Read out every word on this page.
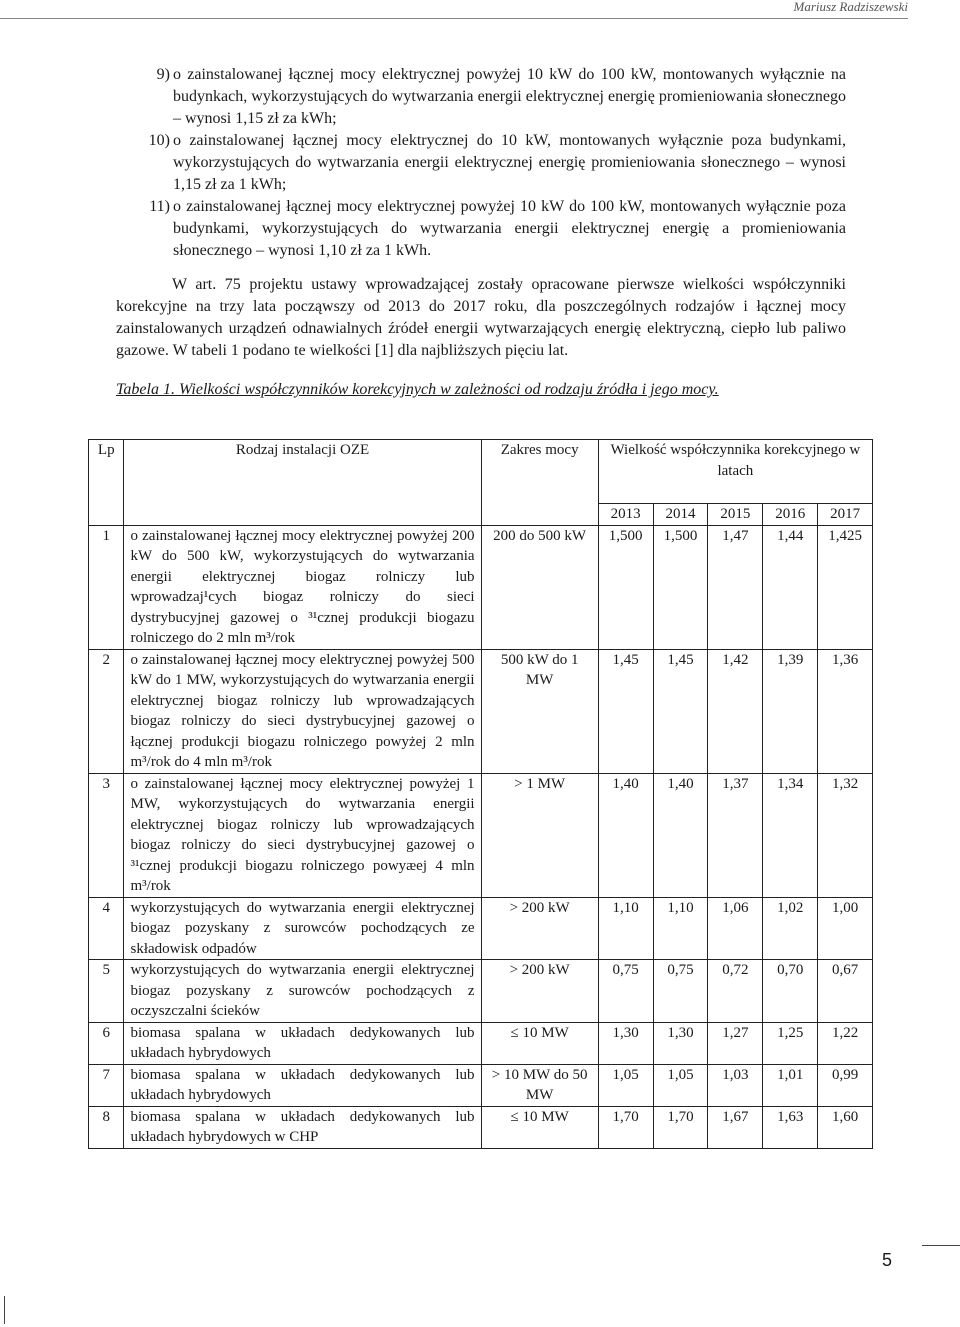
Mariusz Radziszewski
9) o zainstalowanej łącznej mocy elektrycznej powyżej 10 kW do 100 kW, montowanych wyłącznie na budynkach, wykorzystujących do wytwarzania energii elektrycznej energię promieniowania słonecznego – wynosi 1,15 zł za kWh;
10) o zainstalowanej łącznej mocy elektrycznej do 10 kW, montowanych wyłącznie poza budynkami, wykorzystujących do wytwarzania energii elektrycznej energię promieniowania słonecznego – wynosi 1,15 zł za 1 kWh;
11) o zainstalowanej łącznej mocy elektrycznej powyżej 10 kW do 100 kW, montowanych wyłącznie poza budynkami, wykorzystujących do wytwarzania energii elektrycznej energię a promieniowania słonecznego – wynosi 1,10 zł za 1 kWh.
W art. 75 projektu ustawy wprowadzającej zostały opracowane pierwsze wielkości współczynniki korekcyjne na trzy lata począwszy od 2013 do 2017 roku, dla poszczególnych rodzajów i łącznej mocy zainstalowanych urządzeń odnawialnych źródeł energii wytwarzających energię elektryczną, ciepło lub paliwo gazowe. W tabeli 1 podano te wielkości [1] dla najbliższych pięciu lat.
Tabela 1. Wielkości współczynników korekcyjnych w zależności od rodzaju źródła i jego mocy.
Lp	Rodzaj instalacji OZE	Zakres mocy	Wielkość współczynnika korekcyjnego w latach				
			2013	2014	2015	2016	2017
1	o zainstalowanej łącznej mocy elektrycznej powyżej 200 kW do 500 kW, wykorzystujących do wytwarzania energii elektrycznej biogaz rolniczy lub wprowadzaj¹cych biogaz rolniczy do sieci dystrybucyjnej gazowej o ³¹cznej produkcji biogazu rolniczego do 2 mln m³/rok	200 do 500 kW	1,500	1,500	1,47	1,44	1,425
2	o zainstalowanej łącznej mocy elektrycznej powyżej 500 kW do 1 MW, wykorzystujących do wytwarzania energii elektrycznej biogaz rolniczy lub wprowadzających biogaz rolniczy do sieci dystrybucyjnej gazowej o łącznej produkcji biogazu rolniczego powyżej 2 mln m³/rok do 4 mln m³/rok	500 kW do 1 MW	1,45	1,45	1,42	1,39	1,36
3	o zainstalowanej łącznej mocy elektrycznej powyżej 1 MW, wykorzystujących do wytwarzania energii elektrycznej biogaz rolniczy lub wprowadzających biogaz rolniczy do sieci dystrybucyjnej gazowej o ³¹cznej produkcji biogazu rolniczego powyæej 4 mln m³/rok	> 1 MW	1,40	1,40	1,37	1,34	1,32
4	wykorzystujących do wytwarzania energii elektrycznej biogaz pozyskany z surowców pochodzących ze składowisk odpadów	> 200 kW	1,10	1,10	1,06	1,02	1,00
5	wykorzystujących do wytwarzania energii elektrycznej biogaz pozyskany z surowców pochodzących z oczyszczalni ścieków	> 200 kW	0,75	0,75	0,72	0,70	0,67
6	biomasa spalana w układach dedykowanych lub układach hybrydowych	≤ 10 MW	1,30	1,30	1,27	1,25	1,22
7	biomasa spalana w układach dedykowanych lub układach hybrydowych	> 10 MW do 50 MW	1,05	1,05	1,03	1,01	0,99
8	biomasa spalana w układach dedykowanych lub układach hybrydowych w CHP	≤ 10 MW	1,70	1,70	1,67	1,63	1,60
5
